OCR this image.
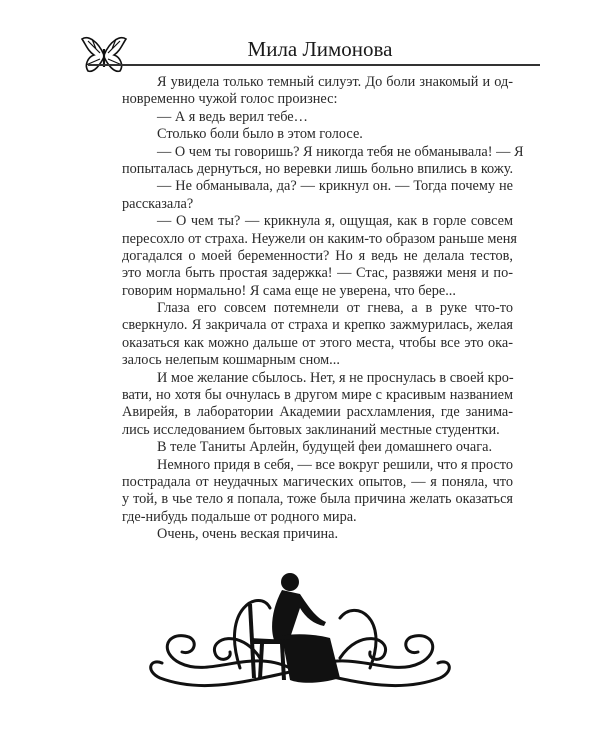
Мила Лимонова
Я увидела только темный силуэт. До боли знакомый и од-
новременно чужой голос произнес:
— А я ведь верил тебе…
Столько боли было в этом голосе.
— О чем ты говоришь? Я никогда тебя не обманывала! — Я
попыталась дернуться, но веревки лишь больно впились в кожу.
— Не обманывала, да? — крикнул он. — Тогда почему не
рассказала?
— О чем ты? — крикнула я, ощущая, как в горле совсем
пересохло от страха. Неужели он каким-то образом раньше меня
догадался о моей беременности? Но я ведь не делала тестов,
это могла быть простая задержка! — Стас, развяжи меня и по-
говорим нормально! Я сама еще не уверена, что бере...
Глаза его совсем потемнели от гнева, а в руке что-то
сверкнуло. Я закричала от страха и крепко зажмурилась, желая
оказаться как можно дальше от этого места, чтобы все это ока-
залось нелепым кошмарным сном...
И мое желание сбылось. Нет, я не проснулась в своей кро-
вати, но хотя бы очнулась в другом мире с красивым названием
Авирейя, в лаборатории Академии расхламления, где занима-
лись исследованием бытовых заклинаний местные студентки.
В теле Таниты Арлейн, будущей феи домашнего очага.
Немного придя в себя, — все вокруг решили, что я просто
пострадала от неудачных магических опытов, — я поняла, что
у той, в чье тело я попала, тоже была причина желать оказаться
где-нибудь подальше от родного мира.
Очень, очень веская причина.
